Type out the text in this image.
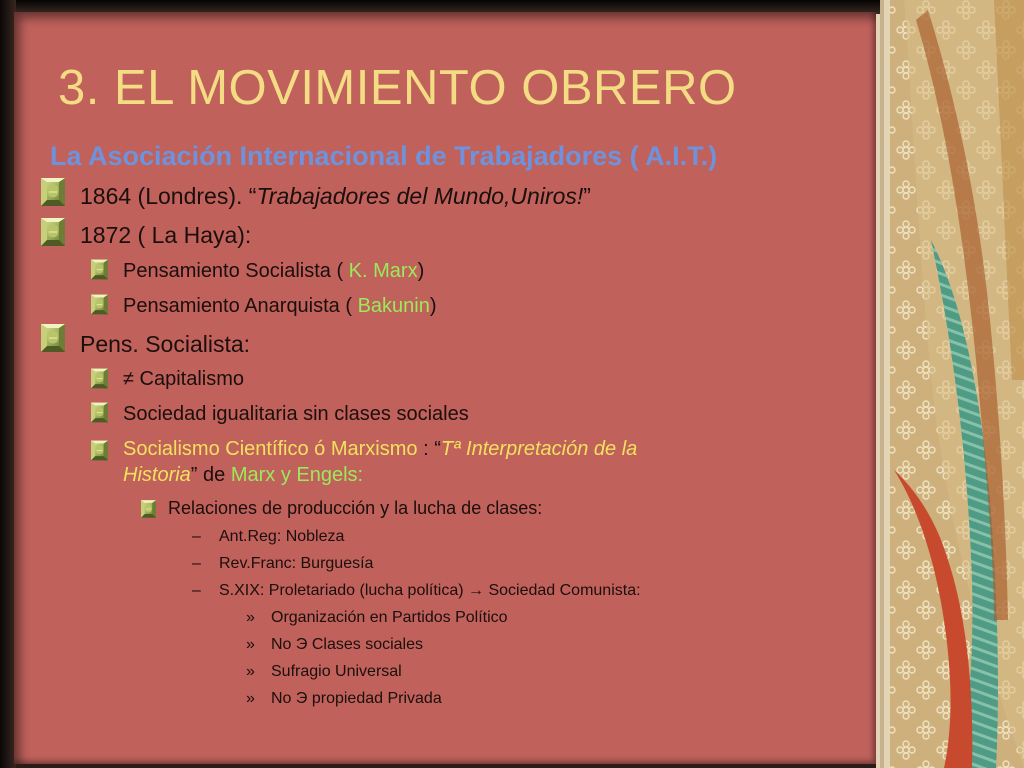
3. EL MOVIMIENTO OBRERO
La Asociación Internacional de Trabajadores ( A.I.T.)
1864 (Londres). “Trabajadores del Mundo,Uniros!”
1872 ( La Haya):
Pensamiento Socialista ( K. Marx)
Pensamiento Anarquista ( Bakunin)
Pens. Socialista:
≠ Capitalismo
Sociedad igualitaria sin clases sociales
Socialismo Científico ó Marxismo : “Tª Interpretación de la
Historia” de Marx y Engels:
Relaciones de producción y la lucha de clases:
– Ant.Reg: Nobleza
– Rev.Franc: Burguesía
– S.XIX: Proletariado (lucha política) → Sociedad Comunista:
» Organización en Partidos Político
» No Э Clases sociales
» Sufragio Universal
» No Э propiedad Privada
